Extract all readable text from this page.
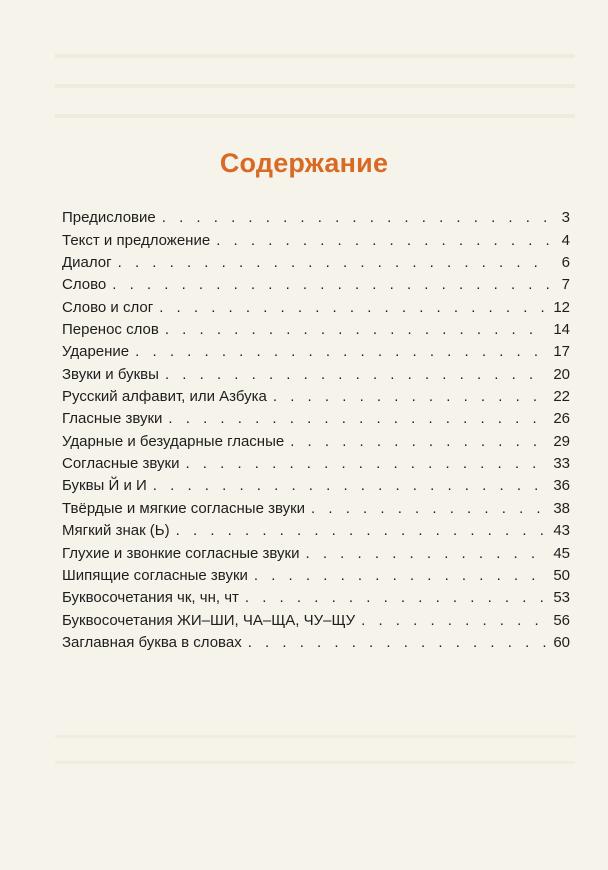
Содержание
Предисловие . . .	3
Текст и предложение . . .	4
Диалог . . .	6
Слово . . .	7
Слово и слог . . .	12
Перенос слов . . .	14
Ударение . . .	17
Звуки и буквы . . .	20
Русский алфавит, или Азбука . . .	22
Гласные звуки . . .	26
Ударные и безударные гласные . . .	29
Согласные звуки . . .	33
Буквы Й и И . . .	36
Твёрдые и мягкие согласные звуки . . .	38
Мягкий знак (Ь) . . .	43
Глухие и звонкие согласные звуки . . .	45
Шипящие согласные звуки . . .	50
Буквосочетания чк, чн, чт . . .	53
Буквосочетания ЖИ–ШИ, ЧА–ЩА, ЧУ–ЩУ . . .	56
Заглавная буква в словах . . .	60
